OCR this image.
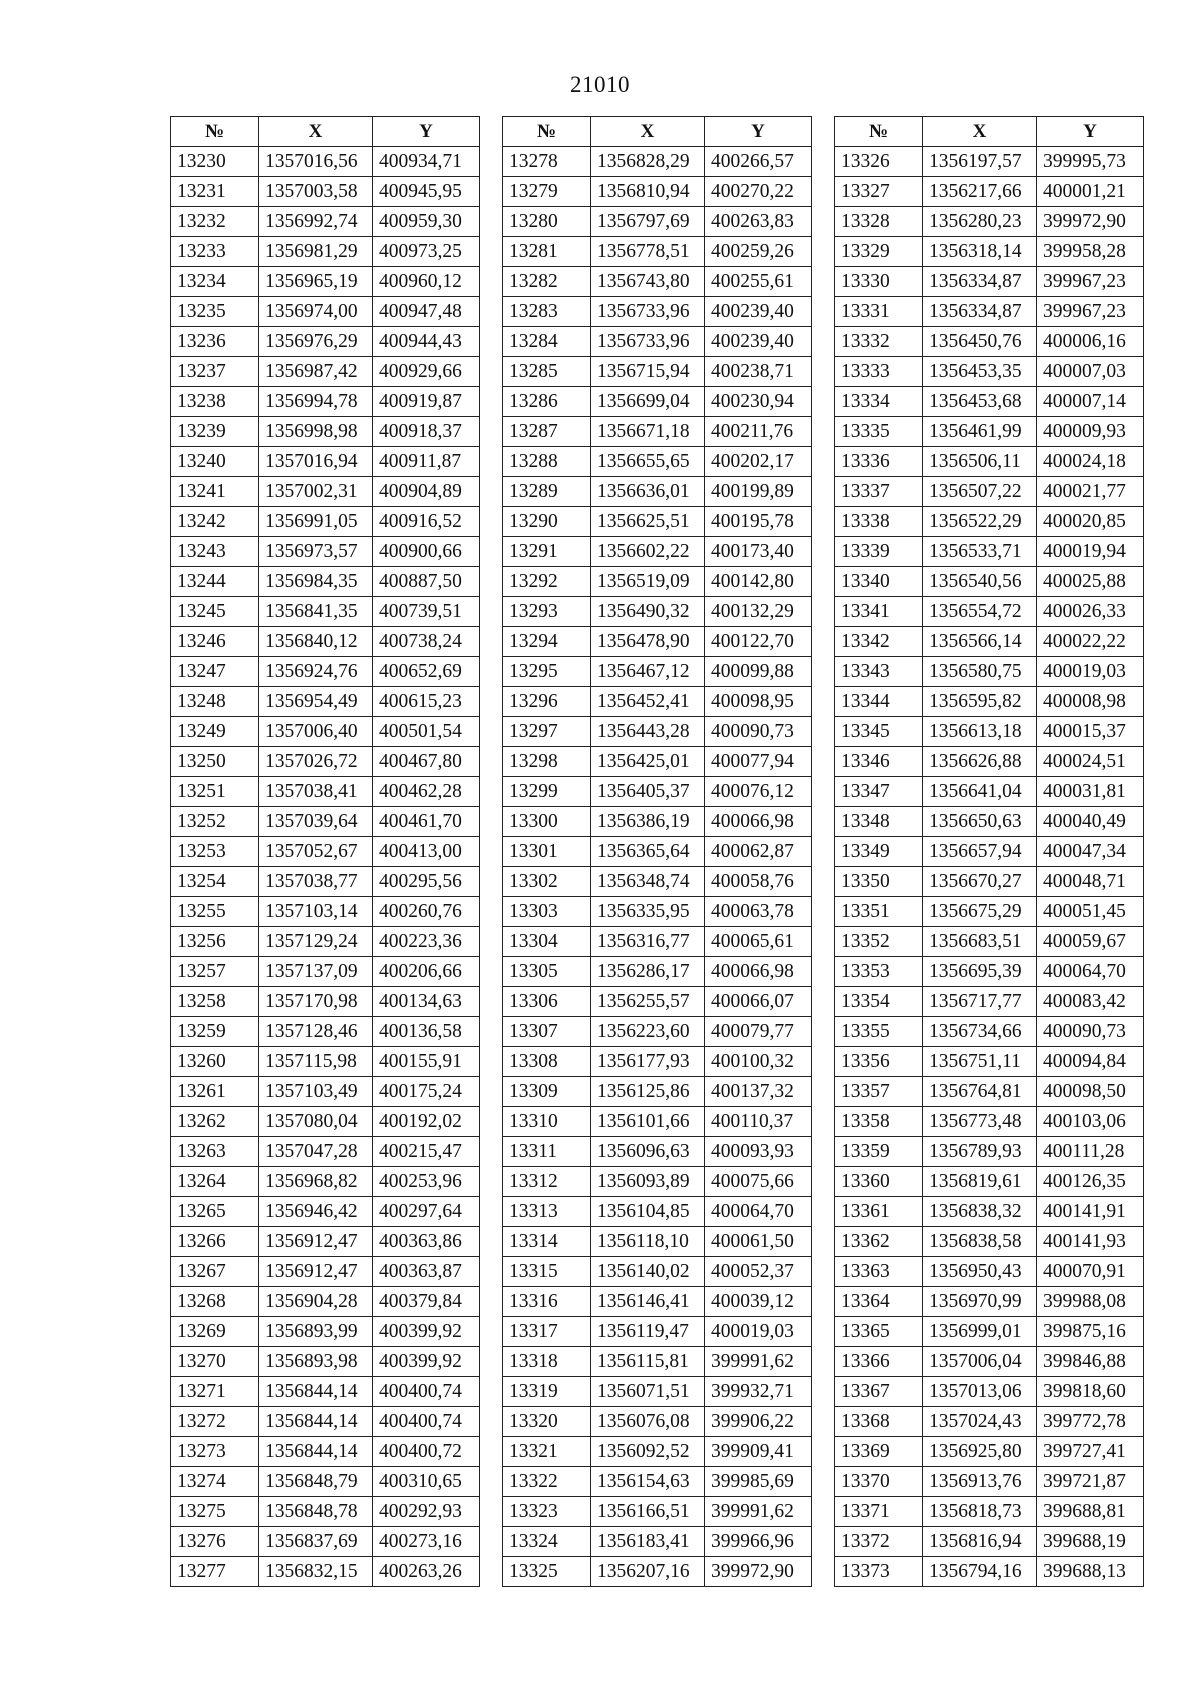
21010
№	X	Y
13230	1357016,56	400934,71
13231	1357003,58	400945,95
13232	1356992,74	400959,30
13233	1356981,29	400973,25
13234	1356965,19	400960,12
13235	1356974,00	400947,48
13236	1356976,29	400944,43
13237	1356987,42	400929,66
13238	1356994,78	400919,87
13239	1356998,98	400918,37
13240	1357016,94	400911,87
13241	1357002,31	400904,89
13242	1356991,05	400916,52
13243	1356973,57	400900,66
13244	1356984,35	400887,50
13245	1356841,35	400739,51
13246	1356840,12	400738,24
13247	1356924,76	400652,69
13248	1356954,49	400615,23
13249	1357006,40	400501,54
13250	1357026,72	400467,80
13251	1357038,41	400462,28
13252	1357039,64	400461,70
13253	1357052,67	400413,00
13254	1357038,77	400295,56
13255	1357103,14	400260,76
13256	1357129,24	400223,36
13257	1357137,09	400206,66
13258	1357170,98	400134,63
13259	1357128,46	400136,58
13260	1357115,98	400155,91
13261	1357103,49	400175,24
13262	1357080,04	400192,02
13263	1357047,28	400215,47
13264	1356968,82	400253,96
13265	1356946,42	400297,64
13266	1356912,47	400363,86
13267	1356912,47	400363,87
13268	1356904,28	400379,84
13269	1356893,99	400399,92
13270	1356893,98	400399,92
13271	1356844,14	400400,74
13272	1356844,14	400400,74
13273	1356844,14	400400,72
13274	1356848,79	400310,65
13275	1356848,78	400292,93
13276	1356837,69	400273,16
13277	1356832,15	400263,26
№	X	Y
13278	1356828,29	400266,57
13279	1356810,94	400270,22
13280	1356797,69	400263,83
13281	1356778,51	400259,26
13282	1356743,80	400255,61
13283	1356733,96	400239,40
13284	1356733,96	400239,40
13285	1356715,94	400238,71
13286	1356699,04	400230,94
13287	1356671,18	400211,76
13288	1356655,65	400202,17
13289	1356636,01	400199,89
13290	1356625,51	400195,78
13291	1356602,22	400173,40
13292	1356519,09	400142,80
13293	1356490,32	400132,29
13294	1356478,90	400122,70
13295	1356467,12	400099,88
13296	1356452,41	400098,95
13297	1356443,28	400090,73
13298	1356425,01	400077,94
13299	1356405,37	400076,12
13300	1356386,19	400066,98
13301	1356365,64	400062,87
13302	1356348,74	400058,76
13303	1356335,95	400063,78
13304	1356316,77	400065,61
13305	1356286,17	400066,98
13306	1356255,57	400066,07
13307	1356223,60	400079,77
13308	1356177,93	400100,32
13309	1356125,86	400137,32
13310	1356101,66	400110,37
13311	1356096,63	400093,93
13312	1356093,89	400075,66
13313	1356104,85	400064,70
13314	1356118,10	400061,50
13315	1356140,02	400052,37
13316	1356146,41	400039,12
13317	1356119,47	400019,03
13318	1356115,81	399991,62
13319	1356071,51	399932,71
13320	1356076,08	399906,22
13321	1356092,52	399909,41
13322	1356154,63	399985,69
13323	1356166,51	399991,62
13324	1356183,41	399966,96
13325	1356207,16	399972,90
№	X	Y
13326	1356197,57	399995,73
13327	1356217,66	400001,21
13328	1356280,23	399972,90
13329	1356318,14	399958,28
13330	1356334,87	399967,23
13331	1356334,87	399967,23
13332	1356450,76	400006,16
13333	1356453,35	400007,03
13334	1356453,68	400007,14
13335	1356461,99	400009,93
13336	1356506,11	400024,18
13337	1356507,22	400021,77
13338	1356522,29	400020,85
13339	1356533,71	400019,94
13340	1356540,56	400025,88
13341	1356554,72	400026,33
13342	1356566,14	400022,22
13343	1356580,75	400019,03
13344	1356595,82	400008,98
13345	1356613,18	400015,37
13346	1356626,88	400024,51
13347	1356641,04	400031,81
13348	1356650,63	400040,49
13349	1356657,94	400047,34
13350	1356670,27	400048,71
13351	1356675,29	400051,45
13352	1356683,51	400059,67
13353	1356695,39	400064,70
13354	1356717,77	400083,42
13355	1356734,66	400090,73
13356	1356751,11	400094,84
13357	1356764,81	400098,50
13358	1356773,48	400103,06
13359	1356789,93	400111,28
13360	1356819,61	400126,35
13361	1356838,32	400141,91
13362	1356838,58	400141,93
13363	1356950,43	400070,91
13364	1356970,99	399988,08
13365	1356999,01	399875,16
13366	1357006,04	399846,88
13367	1357013,06	399818,60
13368	1357024,43	399772,78
13369	1356925,80	399727,41
13370	1356913,76	399721,87
13371	1356818,73	399688,81
13372	1356816,94	399688,19
13373	1356794,16	399688,13
